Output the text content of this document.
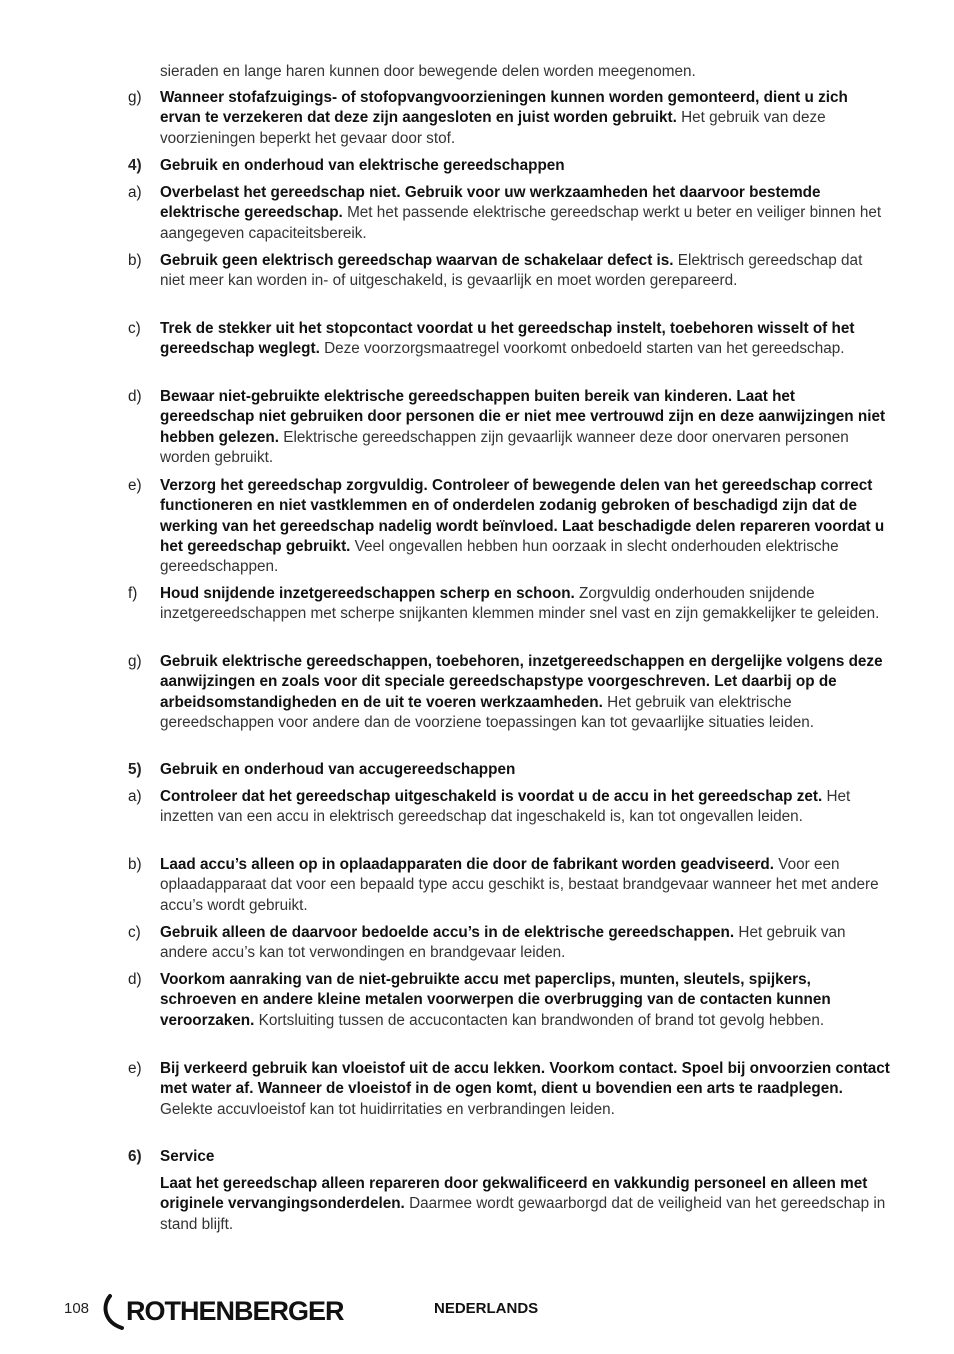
sieraden en lange haren kunnen door bewegende delen worden meegenomen.
g)	Wanneer stofafzuigings- of stofopvangvoorzieningen kunnen worden gemonteerd, dient u zich ervan te verzekeren dat deze zijn aangesloten en juist worden gebruikt. Het gebruik van deze voorzieningen beperkt het gevaar door stof.
4)	Gebruik en onderhoud van elektrische gereedschappen
a)	Overbelast het gereedschap niet. Gebruik voor uw werkzaamheden het daarvoor bestemde elektrische gereedschap. Met het passende elektrische gereedschap werkt u beter en veiliger binnen het aangegeven capaciteitsbereik.
b)	Gebruik geen elektrisch gereedschap waarvan de schakelaar defect is. Elektrisch gereedschap dat niet meer kan worden in- of uitgeschakeld, is gevaarlijk en moet worden gerepareerd.
c)	Trek de stekker uit het stopcontact voordat u het gereedschap instelt, toebehoren wisselt of het gereedschap weglegt. Deze voorzorgsmaatregel voorkomt onbedoeld starten van het gereedschap.
d)	Bewaar niet-gebruikte elektrische gereedschappen buiten bereik van kinderen. Laat het gereedschap niet gebruiken door personen die er niet mee vertrouwd zijn en deze aanwijzingen niet hebben gelezen. Elektrische gereedschappen zijn gevaarlijk wanneer deze door onervaren personen worden gebruikt.
e)	Verzorg het gereedschap zorgvuldig. Controleer of bewegende delen van het gereedschap correct functioneren en niet vastklemmen en of onderdelen zodanig gebroken of beschadigd zijn dat de werking van het gereedschap nadelig wordt beïnvloed. Laat beschadigde delen repareren voordat u het gereedschap gebruikt. Veel ongevallen hebben hun oorzaak in slecht onderhouden elektrische gereedschappen.
f)	Houd snijdende inzetgereedschappen scherp en schoon. Zorgvuldig onderhouden snijdende inzetgereedschappen met scherpe snijkanten klemmen minder snel vast en zijn gemakkelijker te geleiden.
g)	Gebruik elektrische gereedschappen, toebehoren, inzetgereedschappen en dergelijke volgens deze aanwijzingen en zoals voor dit speciale gereedschapstype voorgeschreven. Let daarbij op de arbeidsomstandigheden en de uit te voeren werkzaamheden. Het gebruik van elektrische gereedschappen voor andere dan de voorziene toepassingen kan tot gevaarlijke situaties leiden.
5)	Gebruik en onderhoud van accugereedschappen
a)	Controleer dat het gereedschap uitgeschakeld is voordat u de accu in het gereedschap zet. Het inzetten van een accu in elektrisch gereedschap dat ingeschakeld is, kan tot ongevallen leiden.
b)	Laad accu’s alleen op in oplaadapparaten die door de fabrikant worden geadviseerd. Voor een oplaadapparaat dat voor een bepaald type accu geschikt is, bestaat brandgevaar wanneer het met andere accu’s wordt gebruikt.
c)	Gebruik alleen de daarvoor bedoelde accu’s in de elektrische gereedschappen. Het gebruik van andere accu’s kan tot verwondingen en brandgevaar leiden.
d)	Voorkom aanraking van de niet-gebruikte accu met paperclips, munten, sleutels, spijkers, schroeven en andere kleine metalen voorwerpen die overbrugging van de contacten kunnen veroorzaken. Kortsluiting tussen de accucontacten kan brandwonden of brand tot gevolg hebben.
e)	Bij verkeerd gebruik kan vloeistof uit de accu lekken. Voorkom contact. Spoel bij onvoorzien contact met water af. Wanneer de vloeistof in de ogen komt, dient u bovendien een arts te raadplegen. Gelekte accuvloeistof kan tot huidirritaties en verbrandingen leiden.
6)	Service
Laat het gereedschap alleen repareren door gekwalificeerd en vakkundig personeel en alleen met originele vervangingsonderdelen. Daarmee wordt gewaarborgd dat de veiligheid van het gereedschap in stand blijft.
108 ROTHENBERGER	NEDERLANDS
